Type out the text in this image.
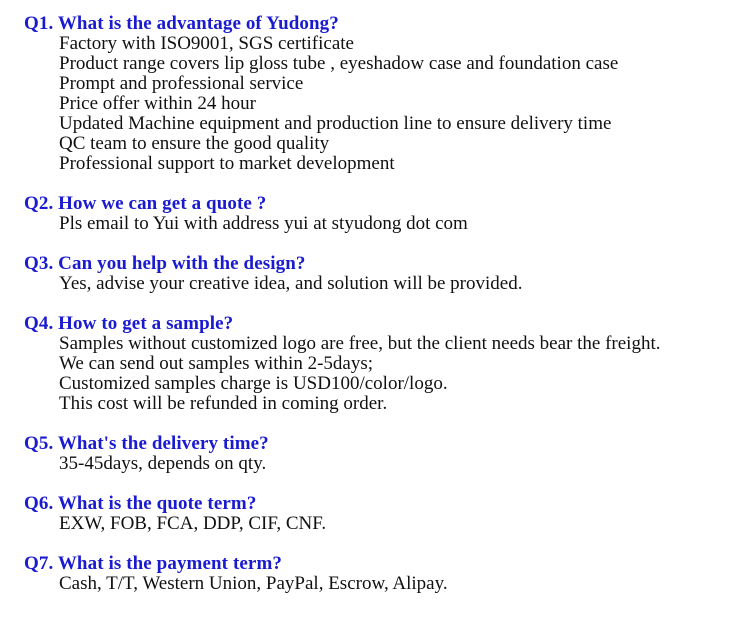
Q1. What is the advantage of Yudong?
Factory with ISO9001, SGS certificate
Product range covers lip gloss tube , eyeshadow case and foundation case
Prompt and professional service
Price offer within 24 hour
Updated Machine equipment and production line to ensure delivery time
QC team to ensure the good quality
Professional support to market development
Q2. How we can get a quote ?
Pls email to Yui with address yui at styudong dot com
Q3. Can you help with the design?
Yes, advise your creative idea, and solution will be provided.
Q4. How to get a sample?
Samples without customized logo are free, but the client needs bear the freight.
We can send out samples within 2-5days;
Customized samples charge is USD100/color/logo.
This cost will be refunded in coming order.
Q5. What's the delivery time?
35-45days, depends on qty.
Q6. What is the quote term?
EXW, FOB, FCA, DDP, CIF, CNF.
Q7. What is the payment term?
Cash, T/T, Western Union, PayPal, Escrow, Alipay.
